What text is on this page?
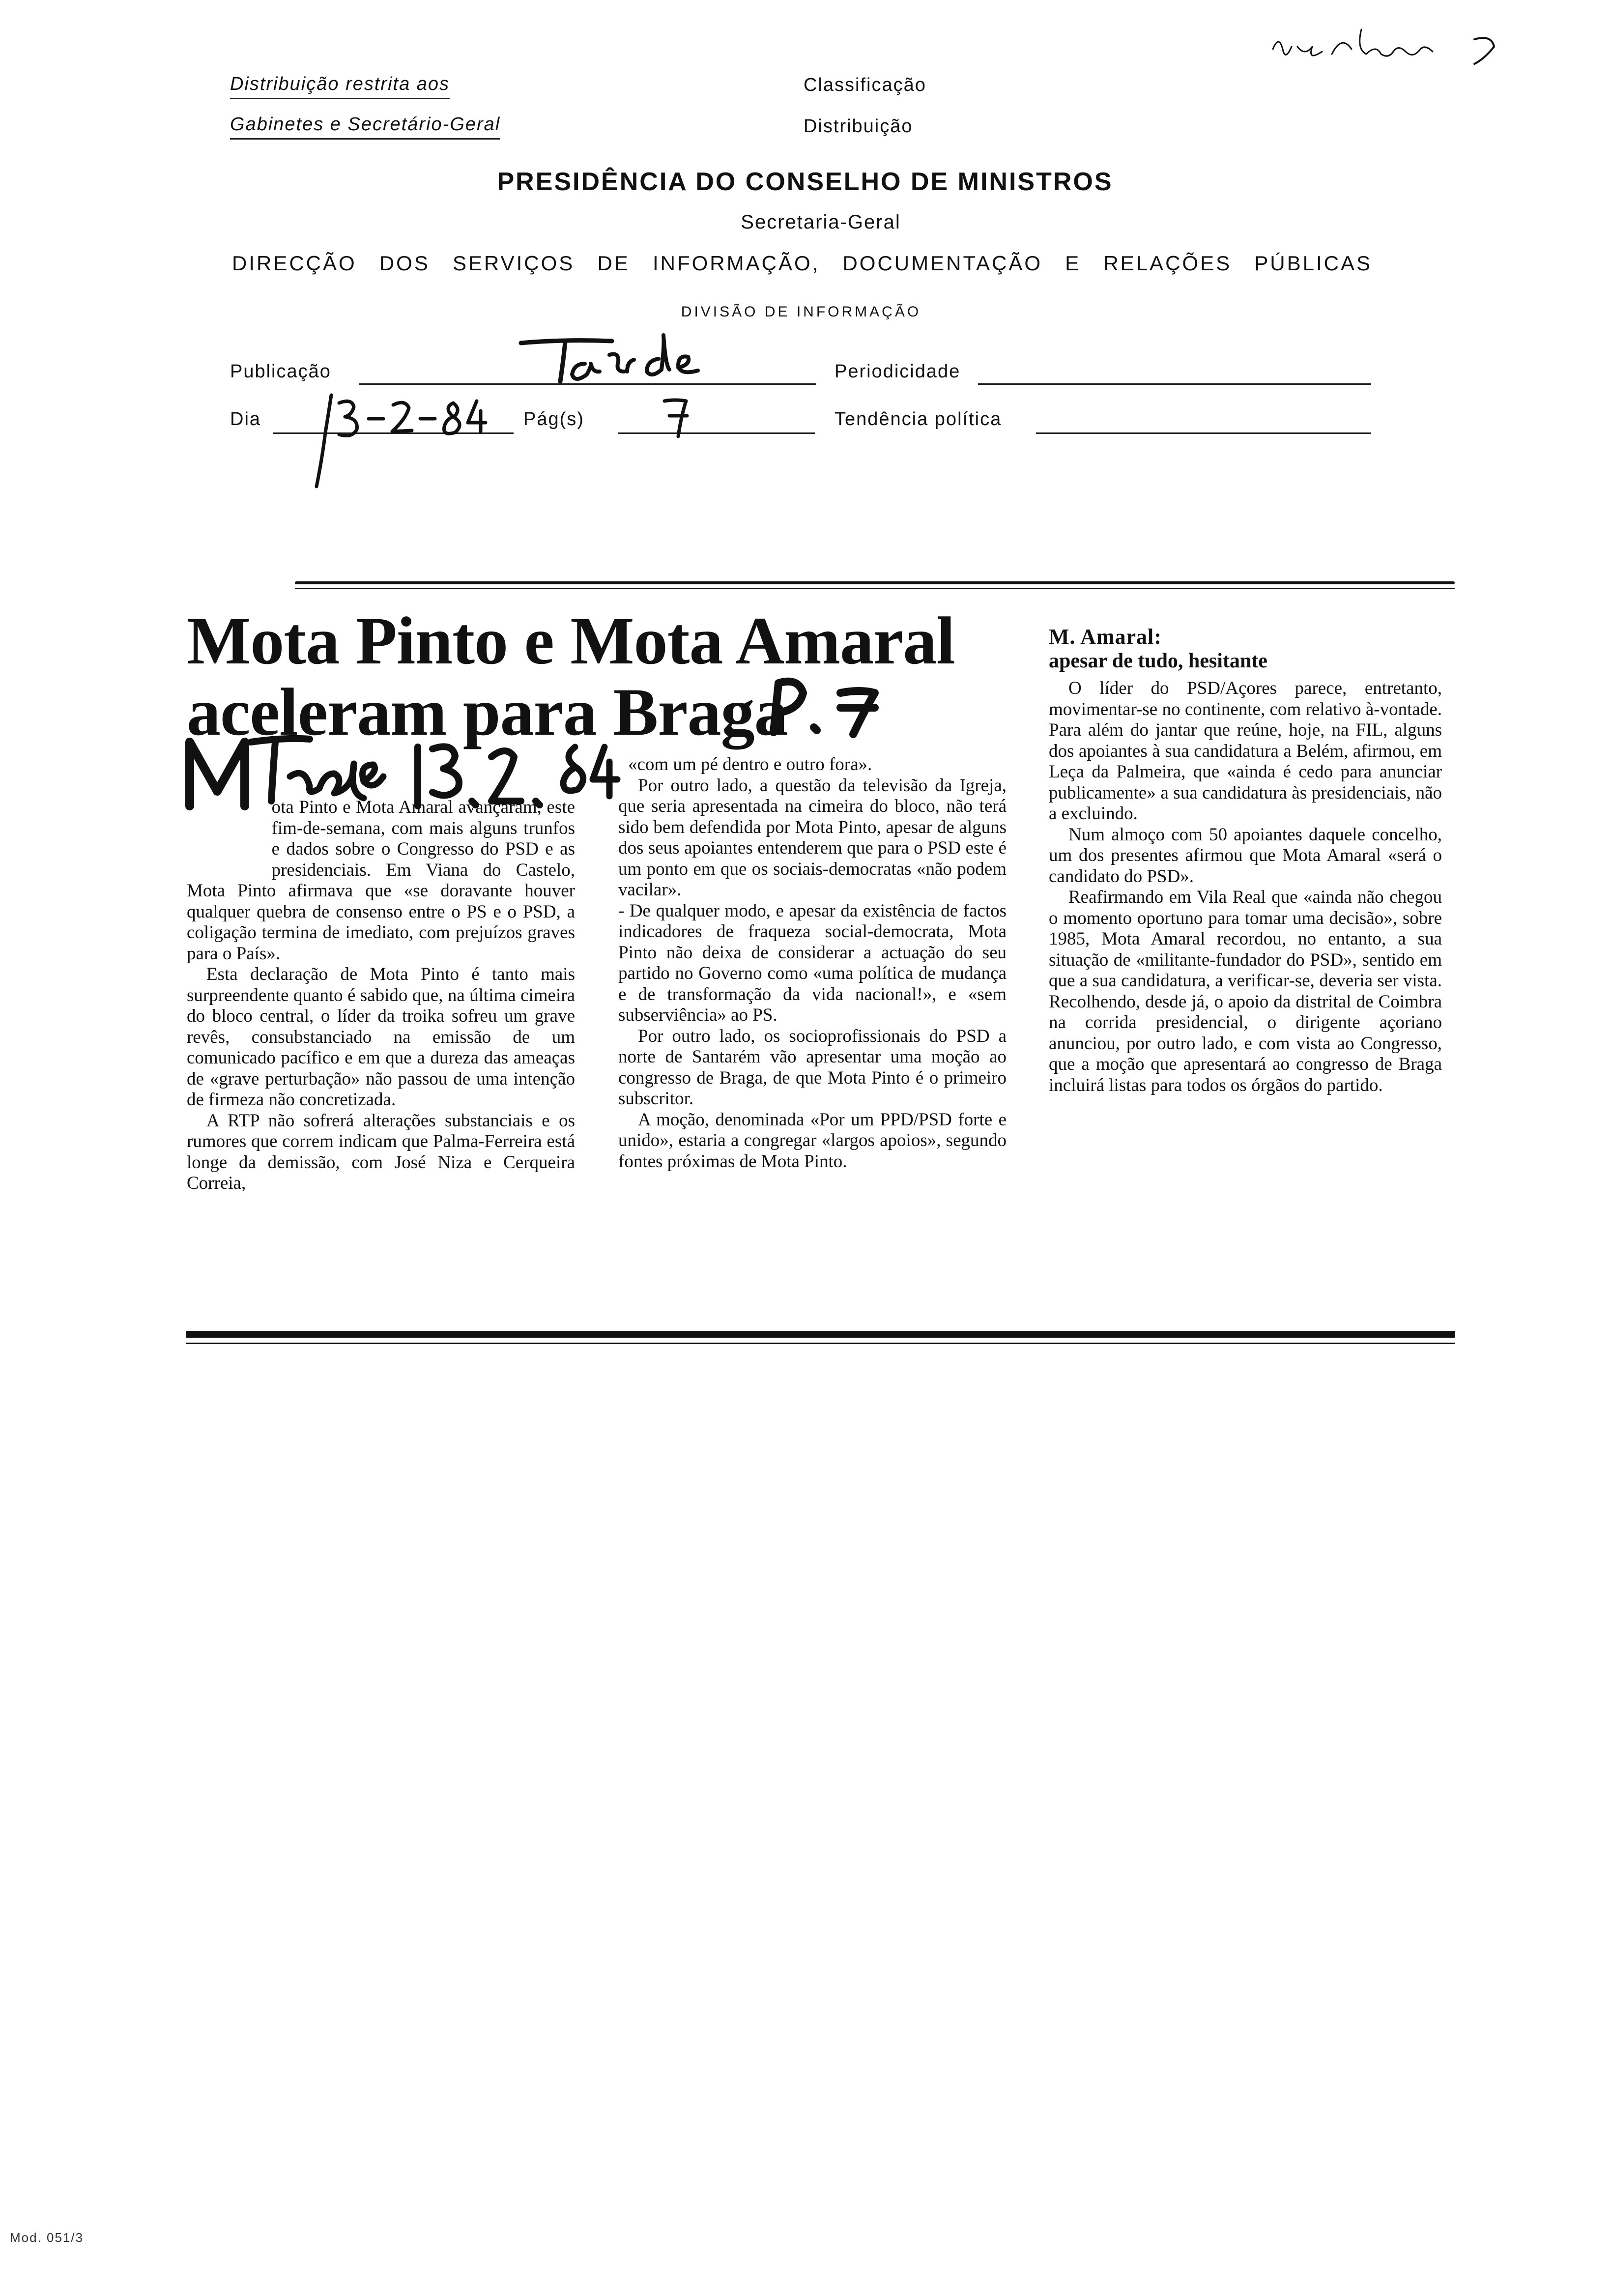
Distribuição restrita aos
Gabinetes e Secretário-Geral
Classificação
Distribuição
PRESIDÊNCIA DO CONSELHO DE MINISTROS
Secretaria-Geral
DIRECÇÃO DOS SERVIÇOS DE INFORMAÇÃO, DOCUMENTAÇÃO E RELAÇÕES PÚBLICAS
DIVISÃO DE INFORMAÇÃO
Publicação	Periodicidade
Dia	Pág(s)	Tendência política
Mota Pinto e Mota Amaral
aceleram para Braga

ota Pinto e Mota Amaral avançaram, este fim-de-semana, com mais alguns trunfos e dados sobre o Congresso do PSD e as presidenciais. Em Viana do Castelo, Mota Pinto afirmava que «se doravante houver qualquer quebra de consenso entre o PS e o PSD, a coligação termina de imediato, com prejuízos graves para o País».

Esta declaração de Mota Pinto é tanto mais surpreendente quanto é sabido que, na última cimeira do bloco central, o líder da troika sofreu um grave revês, consubstanciado na emissão de um comunicado pacífico e em que a dureza das ameaças de «grave perturbação» não passou de uma intenção de firmeza não concretizada.

A RTP não sofrerá alterações substanciais e os rumores que correm indicam que Palma-Ferreira está longe da demissão, com José Niza e Cerqueira Correia,

«com um pé dentro e outro fora».

Por outro lado, a questão da televisão da Igreja, que seria apresentada na cimeira do bloco, não terá sido bem defendida por Mota Pinto, apesar de alguns dos seus apoiantes entenderem que para o PSD este é um ponto em que os sociais-democratas «não podem vacilar».

- De qualquer modo, e apesar da existência de factos indicadores de fraqueza social-democrata, Mota Pinto não deixa de considerar a actuação do seu partido no Governo como «uma política de mudança e de transformação da vida nacional!», e «sem subserviência» ao PS.

Por outro lado, os socioprofissionais do PSD a norte de Santarém vão apresentar uma moção ao congresso de Braga, de que Mota Pinto é o primeiro subscritor.

A moção, denominada «Por um PPD/PSD forte e unido», estaria a congregar «largos apoios», segundo fontes próximas de Mota Pinto.

M. Amaral:
apesar de tudo, hesitante

O líder do PSD/Açores parece, entretanto, movimentar-se no continente, com relativo à-vontade. Para além do jantar que reúne, hoje, na FIL, alguns dos apoiantes à sua candidatura a Belém, afirmou, em Leça da Palmeira, que «ainda é cedo para anunciar publicamente» a sua candidatura às presidenciais, não a excluindo.

Num almoço com 50 apoiantes daquele concelho, um dos presentes afirmou que Mota Amaral «será o candidato do PSD».

Reafirmando em Vila Real que «ainda não chegou o momento oportuno para tomar uma decisão», sobre 1985, Mota Amaral recordou, no entanto, a sua situação de «militante-fundador do PSD», sentido em que a sua candidatura, a verificar-se, deveria ser vista. Recolhendo, desde já, o apoio da distrital de Coimbra na corrida presidencial, o dirigente açoriano anunciou, por outro lado, e com vista ao Congresso, que a moção que apresentará ao congresso de Braga incluirá listas para todos os órgãos do partido.

Mod. 051/3
